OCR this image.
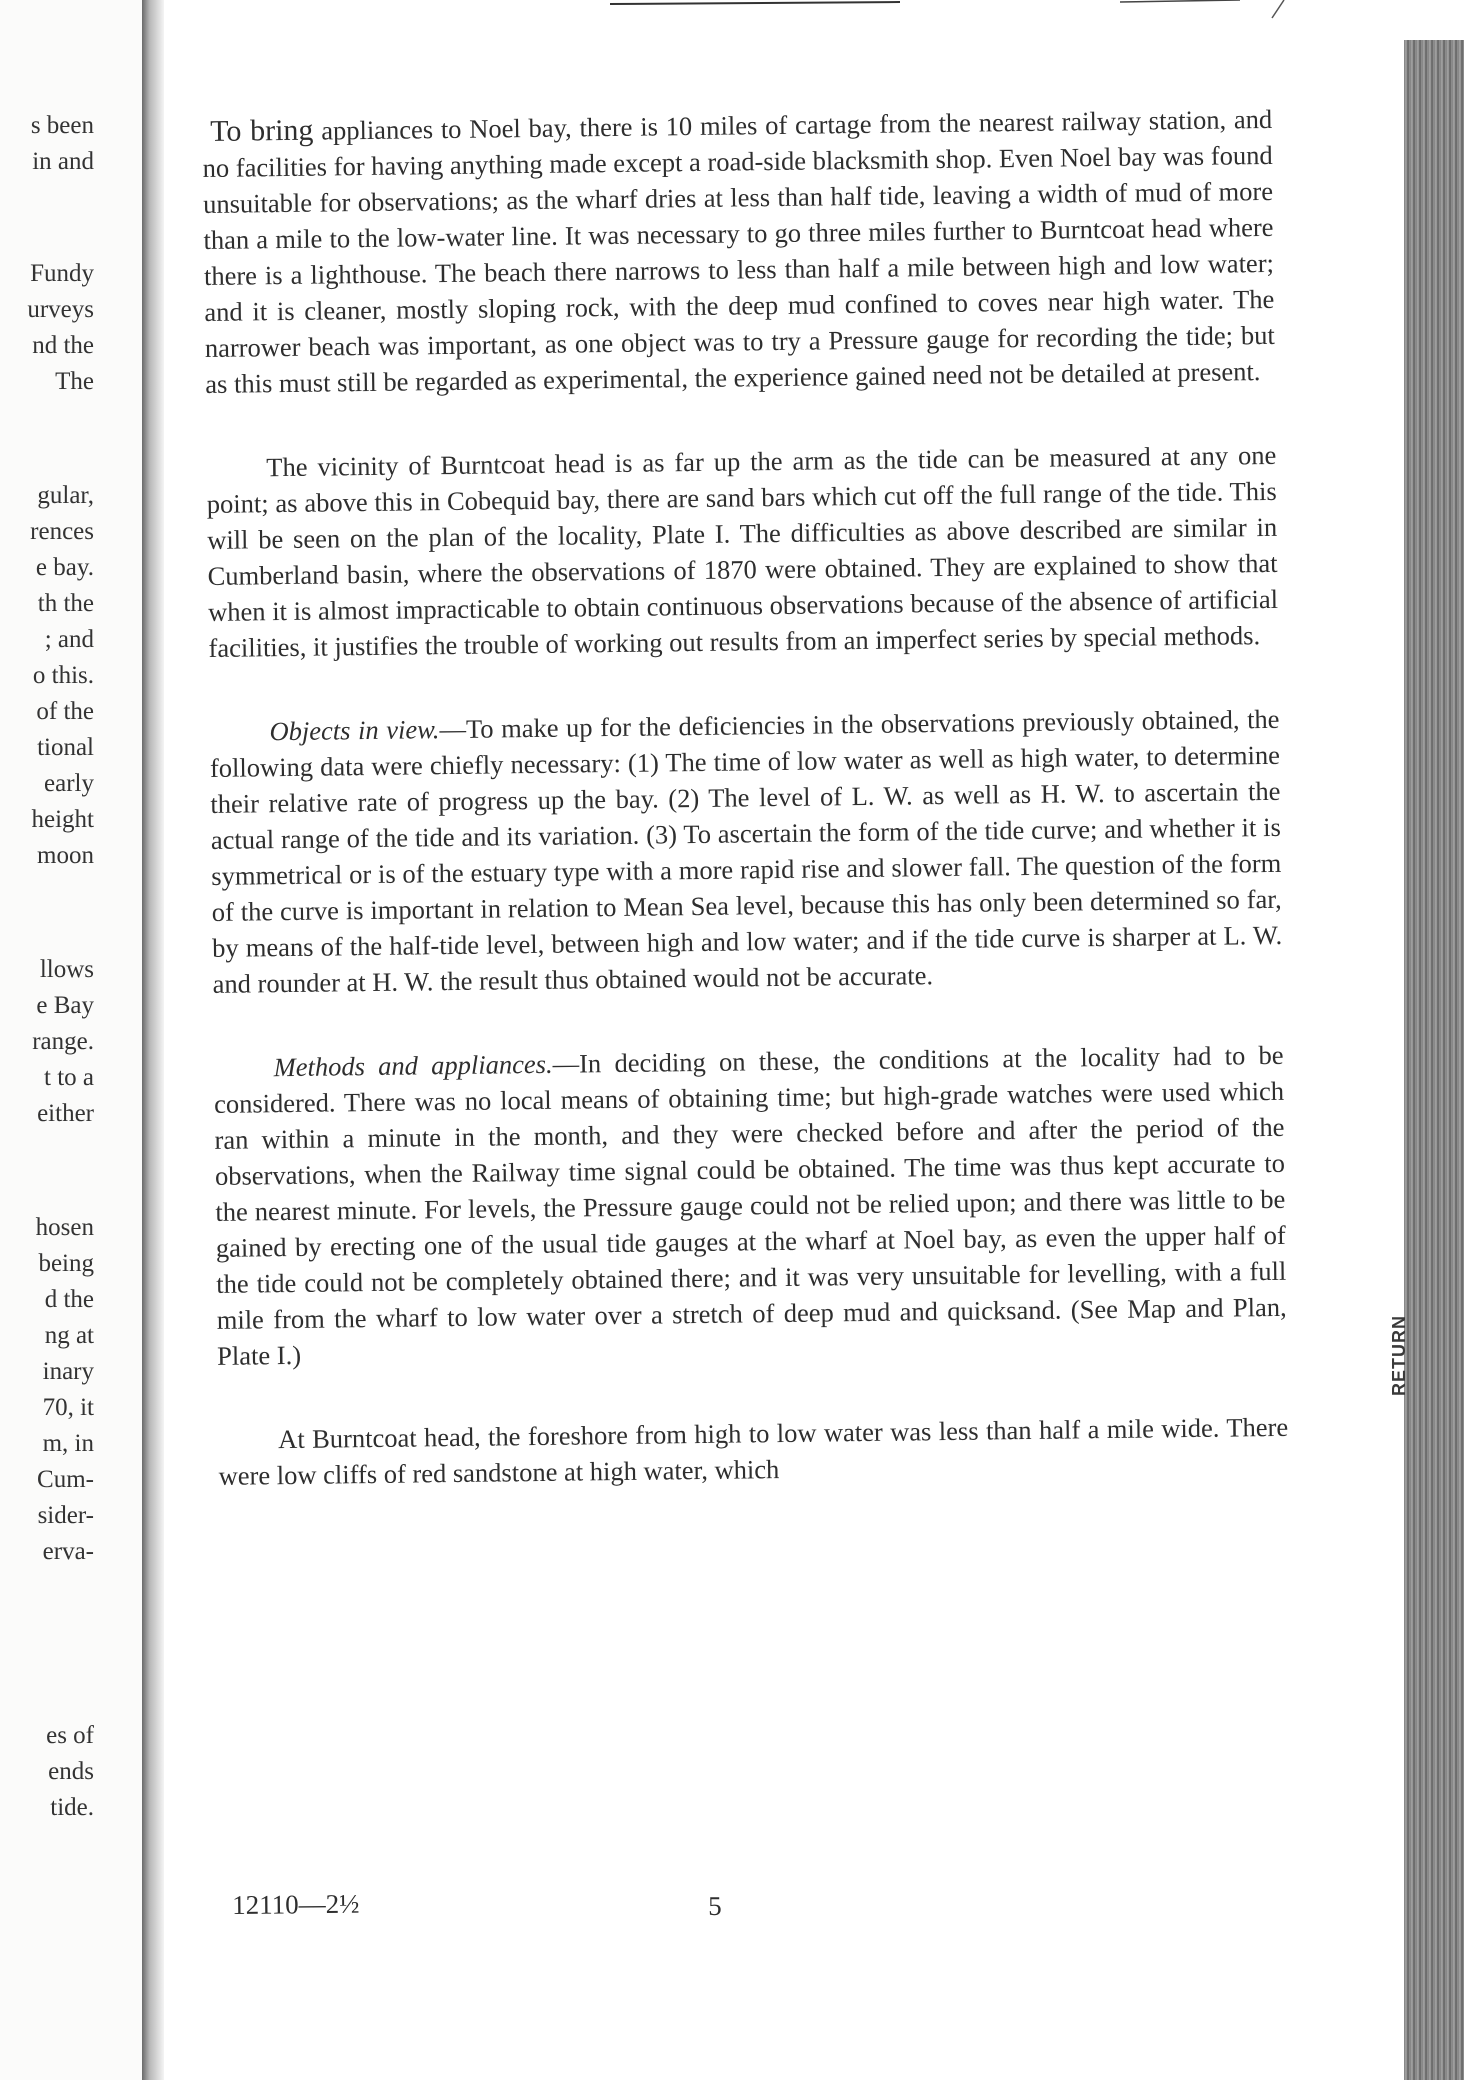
s been
in and
Fundy
urveys
nd the
The
gular,
rences
e bay.
th the
; and
o this.
of the
tional
early
height
moon
llows
e Bay
range.
t to a
either
hosen
being
d the
ng at
inary
70, it
m, in
Cum-
sider-
erva-
es of
ends
tide.
RETURN

To bring appliances to Noel bay, there is 10 miles of cartage from the nearest railway station, and no facilities for having anything made except a road-side blacksmith shop. Even Noel bay was found unsuitable for observations; as the wharf dries at less than half tide, leaving a width of mud of more than a mile to the low-water line. It was necessary to go three miles further to Burntcoat head where there is a lighthouse. The beach there narrows to less than half a mile between high and low water; and it is cleaner, mostly sloping rock, with the deep mud confined to coves near high water. The narrower beach was important, as one object was to try a Pressure gauge for recording the tide; but as this must still be regarded as experimental, the experience gained need not be detailed at present.

The vicinity of Burntcoat head is as far up the arm as the tide can be measured at any one point; as above this in Cobequid bay, there are sand bars which cut off the full range of the tide. This will be seen on the plan of the locality, Plate I. The difficulties as above described are similar in Cumberland basin, where the observations of 1870 were obtained. They are explained to show that when it is almost impracticable to obtain continuous observations because of the absence of artificial facilities, it justifies the trouble of working out results from an imperfect series by special methods.

Objects in view.—To make up for the deficiencies in the observations previously obtained, the following data were chiefly necessary: (1) The time of low water as well as high water, to determine their relative rate of progress up the bay. (2) The level of L. W. as well as H. W. to ascertain the actual range of the tide and its variation. (3) To ascertain the form of the tide curve; and whether it is symmetrical or is of the estuary type with a more rapid rise and slower fall. The question of the form of the curve is important in relation to Mean Sea level, because this has only been determined so far, by means of the half-tide level, between high and low water; and if the tide curve is sharper at L. W. and rounder at H. W. the result thus obtained would not be accurate.

Methods and appliances.—In deciding on these, the conditions at the locality had to be considered. There was no local means of obtaining time; but high-grade watches were used which ran within a minute in the month, and they were checked before and after the period of the observations, when the Railway time signal could be obtained. The time was thus kept accurate to the nearest minute. For levels, the Pressure gauge could not be relied upon; and there was little to be gained by erecting one of the usual tide gauges at the wharf at Noel bay, as even the upper half of the tide could not be completely obtained there; and it was very unsuitable for levelling, with a full mile from the wharf to low water over a stretch of deep mud and quicksand. (See Map and Plan, Plate I.)

At Burntcoat head, the foreshore from high to low water was less than half a mile wide. There were low cliffs of red sandstone at high water, which

12110—2½	5
